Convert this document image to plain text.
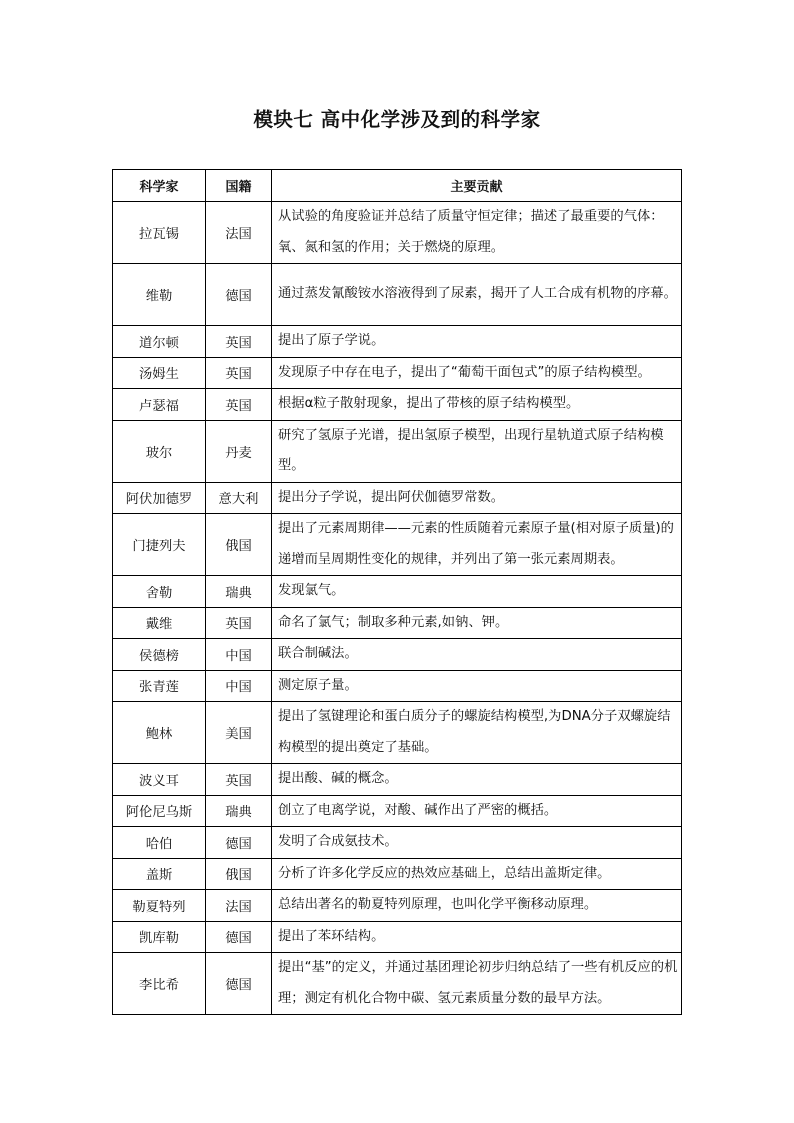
模块七 高中化学涉及到的科学家
科学家	国籍	主要贡献
拉瓦锡	法国	从试验的角度验证并总结了质量守恒定律；描述了最重要的气体：氧、氮和氢的作用；关于燃烧的原理。
维勒	德国	通过蒸发氰酸铵水溶液得到了尿素，揭开了人工合成有机物的序幕。
道尔顿	英国	提出了原子学说。
汤姆生	英国	发现原子中存在电子，提出了“葡萄干面包式”的原子结构模型。
卢瑟福	英国	根据α粒子散射现象，提出了带核的原子结构模型。
玻尔	丹麦	研究了氢原子光谱，提出氢原子模型，出现行星轨道式原子结构模型。
阿伏加德罗	意大利	提出分子学说，提出阿伏伽德罗常数。
门捷列夫	俄国	提出了元素周期律——元素的性质随着元素原子量(相对原子质量)的递增而呈周期性变化的规律，并列出了第一张元素周期表。
舍勒	瑞典	发现氯气。
戴维	英国	命名了氯气；制取多种元素,如钠、钾。
侯德榜	中国	联合制碱法。
张青莲	中国	测定原子量。
鲍林	美国	提出了氢键理论和蛋白质分子的螺旋结构模型,为DNA分子双螺旋结构模型的提出奠定了基础。
波义耳	英国	提出酸、碱的概念。
阿伦尼乌斯	瑞典	创立了电离学说，对酸、碱作出了严密的概括。
哈伯	德国	发明了合成氨技术。
盖斯	俄国	分析了许多化学反应的热效应基础上，总结出盖斯定律。
勒夏特列	法国	总结出著名的勒夏特列原理，也叫化学平衡移动原理。
凯库勒	德国	提出了苯环结构。
李比希	德国	提出“基”的定义，并通过基团理论初步归纳总结了一些有机反应的机理；测定有机化合物中碳、氢元素质量分数的最早方法。
